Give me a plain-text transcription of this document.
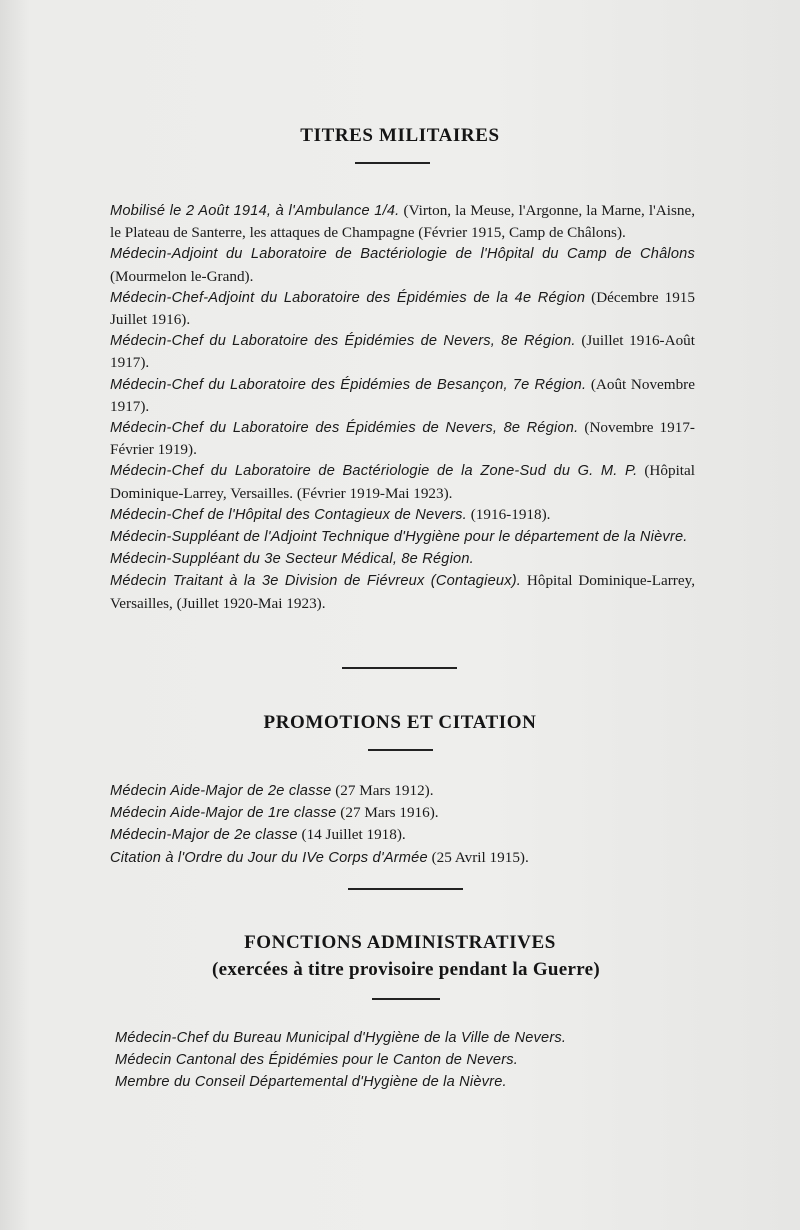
TITRES MILITAIRES

Mobilisé le 2 Août 1914, à l'Ambulance 1/4. (Virton, la Meuse, l'Argonne, la Marne, l'Aisne, le Plateau de Santerre, les attaques de Champagne (Février 1915, Camp de Châlons).

Médecin-Adjoint du Laboratoire de Bactériologie de l'Hôpital du Camp de Châlons (Mourmelon le-Grand).

Médecin-Chef-Adjoint du Laboratoire des Épidémies de la 4e Région (Décembre 1915 Juillet 1916).

Médecin-Chef du Laboratoire des Épidémies de Nevers, 8e Région. (Juillet 1916-Août 1917).

Médecin-Chef du Laboratoire des Épidémies de Besançon, 7e Région. (Août Novembre 1917).

Médecin-Chef du Laboratoire des Épidémies de Nevers, 8e Région. (Novembre 1917-Février 1919).

Médecin-Chef du Laboratoire de Bactériologie de la Zone-Sud du G. M. P. (Hôpital Dominique-Larrey, Versailles. (Février 1919-Mai 1923).

Médecin-Chef de l'Hôpital des Contagieux de Nevers. (1916-1918).

Médecin-Suppléant de l'Adjoint Technique d'Hygiène pour le département de la Nièvre.

Médecin-Suppléant du 3e Secteur Médical, 8e Région.

Médecin Traitant à la 3e Division de Fiévreux (Contagieux). Hôpital Dominique-Larrey, Versailles, (Juillet 1920-Mai 1923).

PROMOTIONS ET CITATION

Médecin Aide-Major de 2e classe (27 Mars 1912).

Médecin Aide-Major de 1re classe (27 Mars 1916).

Médecin-Major de 2e classe (14 Juillet 1918).

Citation à l'Ordre du Jour du IVe Corps d'Armée (25 Avril 1915).

FONCTIONS ADMINISTRATIVES
(exercées à titre provisoire pendant la Guerre)

Médecin-Chef du Bureau Municipal d'Hygiène de la Ville de Nevers.

Médecin Cantonal des Épidémies pour le Canton de Nevers.

Membre du Conseil Départemental d'Hygiène de la Nièvre.
